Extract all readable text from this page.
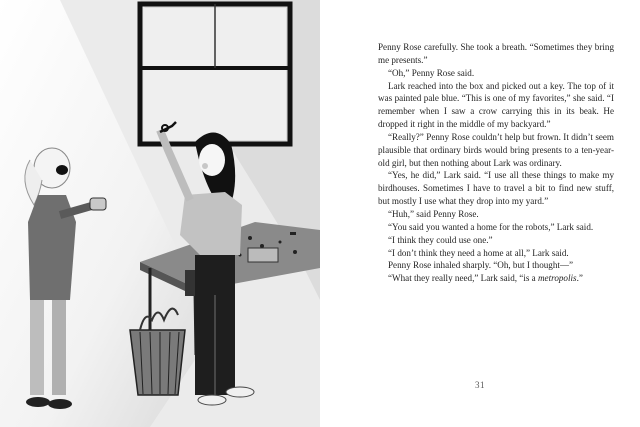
Penny Rose carefully. She took a breath. “Sometimes they bring me presents.”

“Oh,” Penny Rose said.

Lark reached into the box and picked out a key. The top of it was painted pale blue. “This is one of my favorites,” she said. “I remember when I saw a crow carrying this in its beak. He dropped it right in the middle of my backyard.”

“Really?” Penny Rose couldn’t help but frown. It didn’t seem plausible that ordinary birds would bring presents to a ten-year-old girl, but then nothing about Lark was ordinary.

“Yes, he did,” Lark said. “I use all these things to make my birdhouses. Sometimes I have to travel a bit to find new stuff, but mostly I use what they drop into my yard.”

“Huh,” said Penny Rose.

“You said you wanted a home for the robots,” Lark said.

“I think they could use one.”

“I don’t think they need a home at all,” Lark said.

Penny Rose inhaled sharply. “Oh, but I thought—”

“What they really need,” Lark said, “is a metropolis.”

31
